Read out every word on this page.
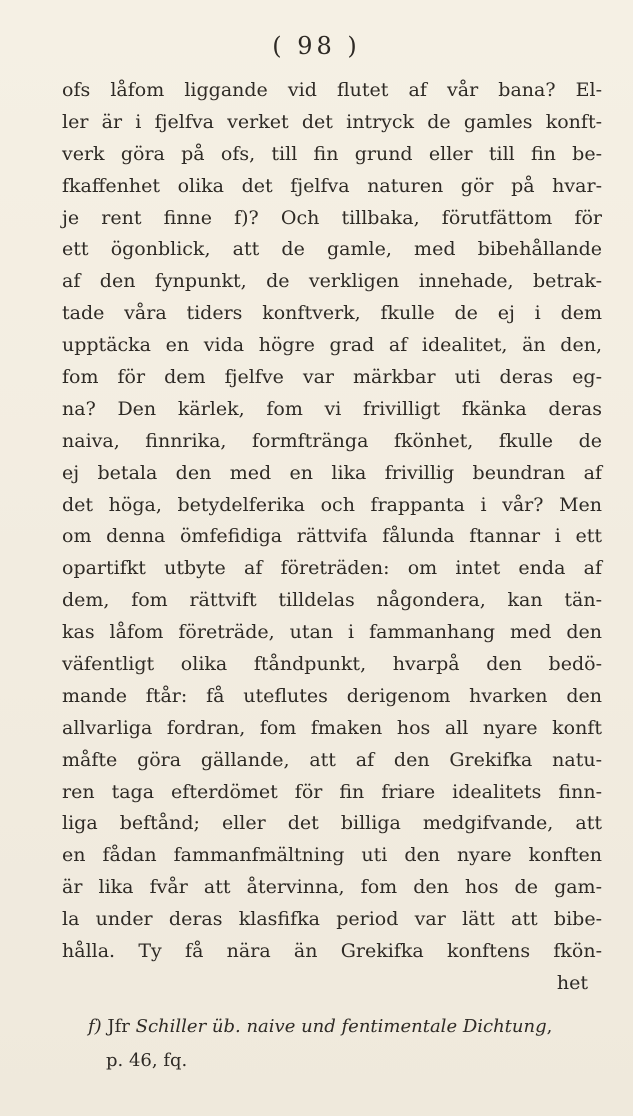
( 98 )
ofs låfom liggande vid flutet af vår bana? El-
ler är i fjelfva verket det intryck de gamles konft-
verk göra på ofs, till fin grund eller till fin be-
fkaffenhet olika det fjelfva naturen gör på hvar-
je rent finne f)? Och tillbaka, förutfättom för
ett ögonblick, att de gamle, med bibehållande
af den fynpunkt, de verkligen innehade, betrak-
tade våra tiders konftverk, fkulle de ej i dem
upptäcka en vida högre grad af idealitet, än den,
fom för dem fjelfve var märkbar uti deras eg-
na? Den kärlek, fom vi frivilligt fkänka deras
naiva, finnrika, formfträngа fkönhet, fkulle de
ej betala den med en lika frivillig beundran af
det höga, betydelferika och frappanta i vår? Men
om denna ömfefidiga rättvifa fålunda ftannar i ett
opartifkt utbyte af företräden: om intet enda af
dem, fom rättvift tilldelas någondera, kan tän-
kas låfom företräde, utan i fammanhang med den
väfentligt olika ftåndpunkt, hvarpå den bedö-
mande ftår: få uteflutes derigenom hvarken den
allvarliga fordran, fom fmaken hos all nyare konft
måfte göra gällande, att af den Grekifka natu-
ren taga efterdömet för fin friare idealitets finn-
liga beftånd; eller det billiga medgifvande, att
en fådan fammanfmältning uti den nyare konften
är lika fvår att återvinna, fom den hos de gam-
la under deras klasfifka period var lätt att bibe-
hålla. Ty få nära än Grekifka konftens fkön-
het
f) Jfr Schiller üb. naive und fentimentale Dichtung,
p. 46, fq.
